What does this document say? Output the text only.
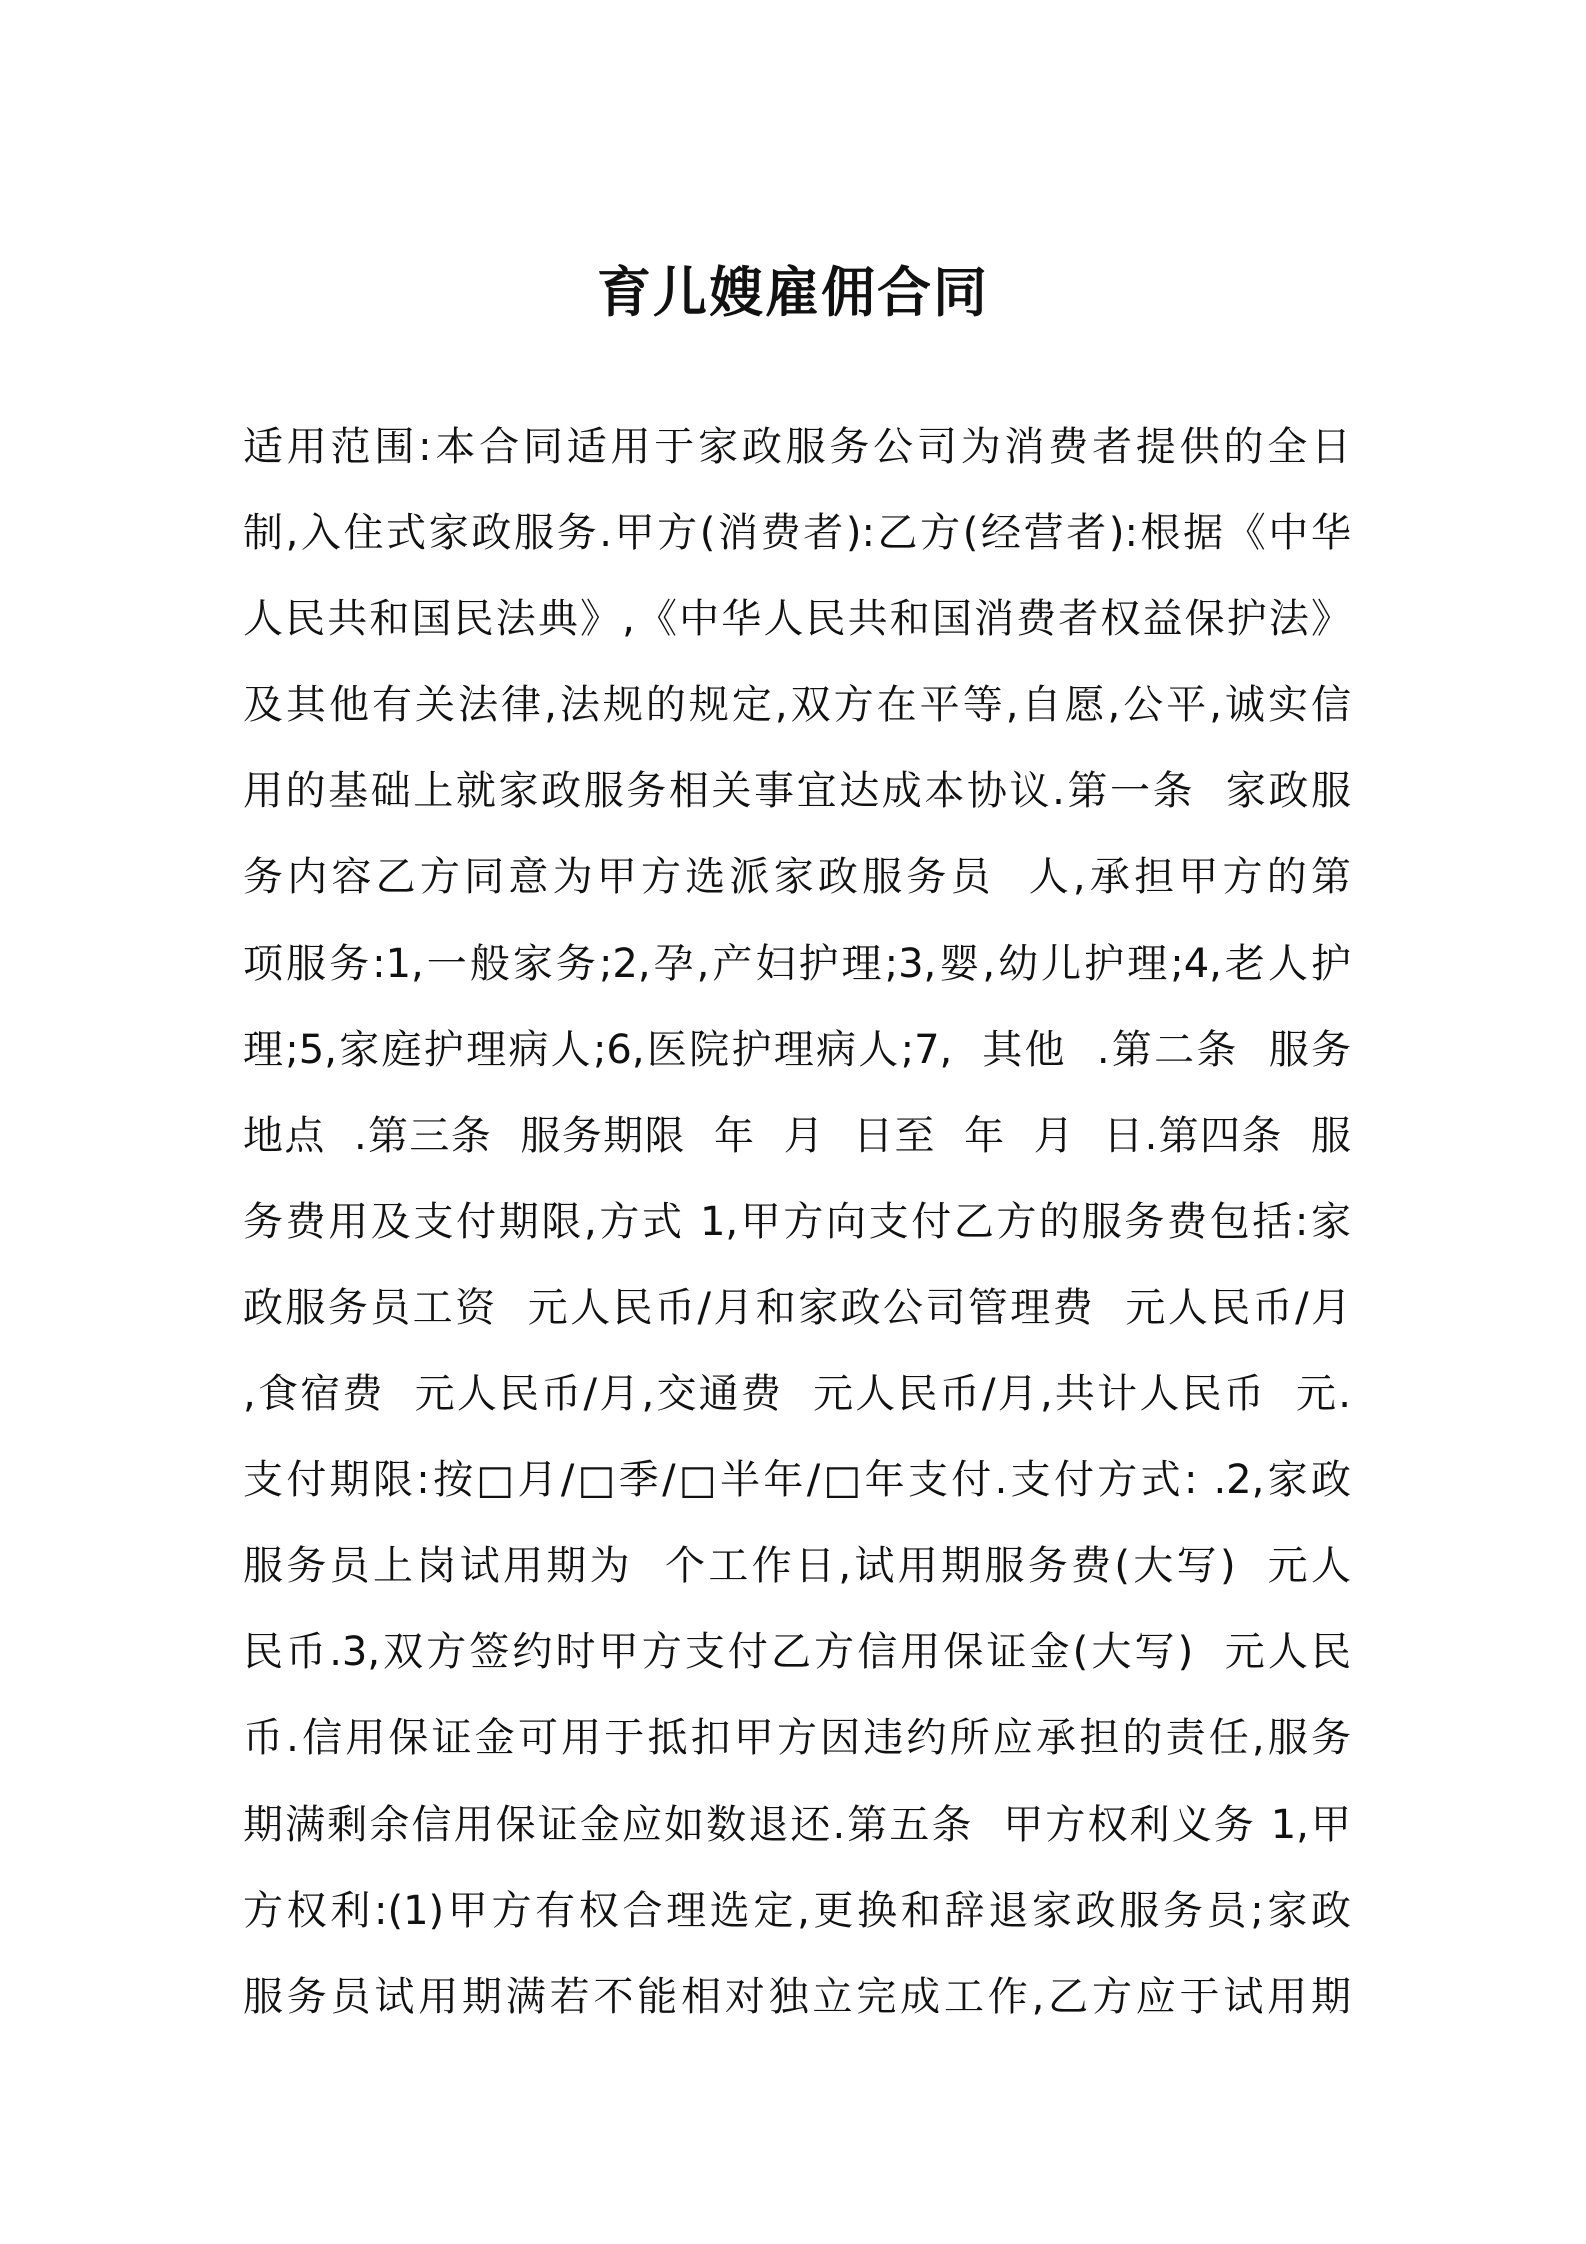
育儿嫂雇佣合同
适用范围:本合同适用于家政服务公司为消费者提供的全日
制,入住式家政服务.甲方(消费者):乙方(经营者):根据《中华
人民共和国民法典》,《中华人民共和国消费者权益保护法》
及其他有关法律,法规的规定,双方在平等,自愿,公平,诚实信
用的基础上就家政服务相关事宜达成本协议.第一条  家政服
务内容乙方同意为甲方选派家政服务员  人,承担甲方的第
项服务:1,一般家务;2,孕,产妇护理;3,婴,幼儿护理;4,老人护
理;5,家庭护理病人;6,医院护理病人;7,  其他  .第二条  服务
地点  .第三条  服务期限  年  月  日至  年  月  日.第四条  服
务费用及支付期限,方式 1,甲方向支付乙方的服务费包括:家
政服务员工资  元人民币/月和家政公司管理费  元人民币/月
,食宿费  元人民币/月,交通费  元人民币/月,共计人民币  元.
支付期限:按□月/□季/□半年/□年支付.支付方式: .2,家政
服务员上岗试用期为  个工作日,试用期服务费(大写)  元人
民币.3,双方签约时甲方支付乙方信用保证金(大写)  元人民
币.信用保证金可用于抵扣甲方因违约所应承担的责任,服务
期满剩余信用保证金应如数退还.第五条  甲方权利义务 1,甲
方权利:(1)甲方有权合理选定,更换和辞退家政服务员;家政
服务员试用期满若不能相对独立完成工作,乙方应于试用期
